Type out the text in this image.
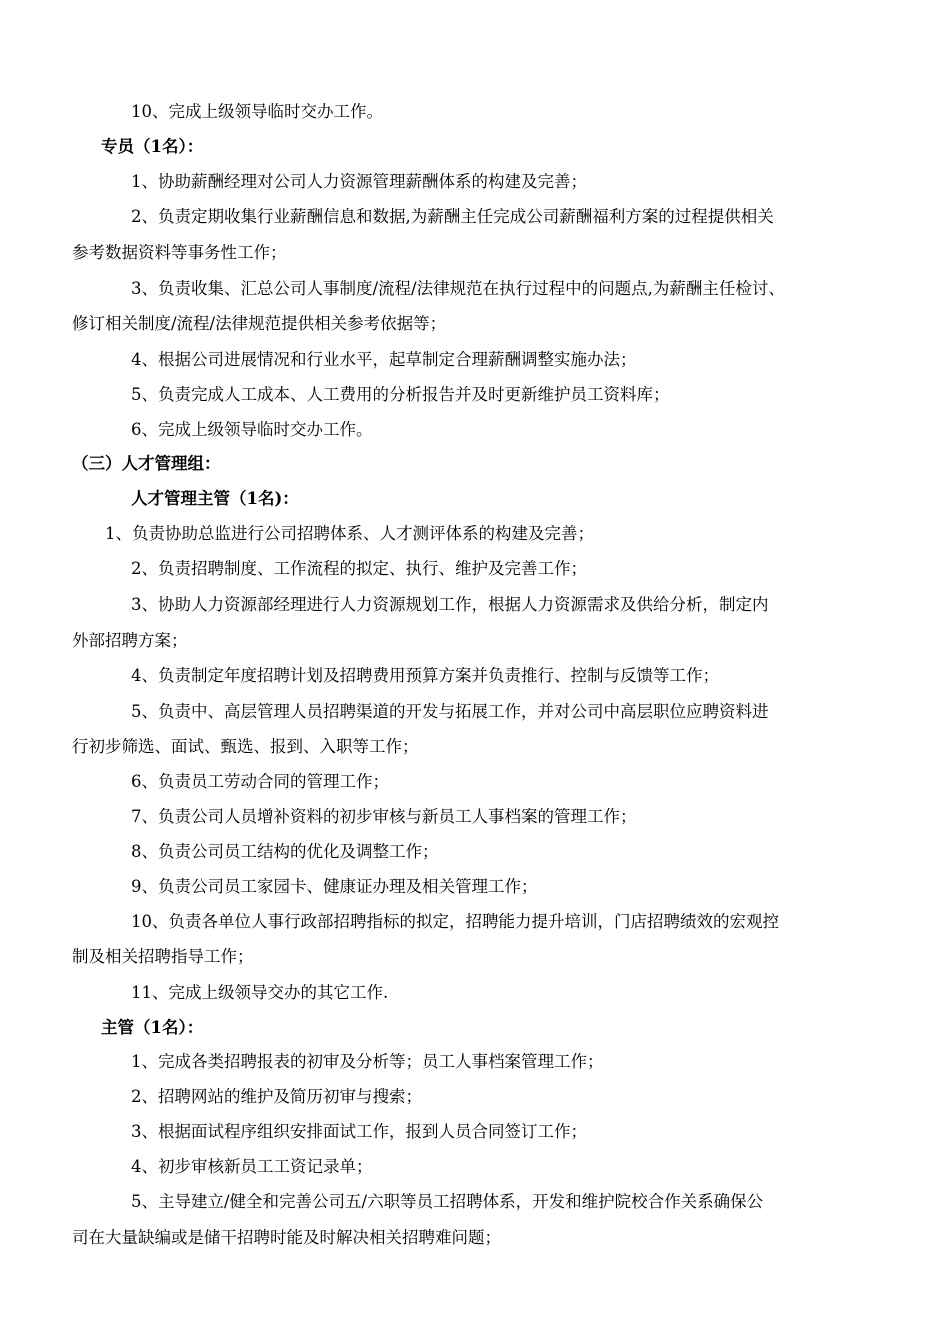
10、完成上级领导临时交办工作。
专员（1名）：
1、协助薪酬经理对公司人力资源管理薪酬体系的构建及完善；
2、负责定期收集行业薪酬信息和数据,为薪酬主任完成公司薪酬福利方案的过程提供相关
参考数据资料等事务性工作；
3、负责收集、汇总公司人事制度/流程/法律规范在执行过程中的问题点,为薪酬主任检讨、
修订相关制度/流程/法律规范提供相关参考依据等；
4、根据公司进展情况和行业水平，起草制定合理薪酬调整实施办法；
5、负责完成人工成本、人工费用的分析报告并及时更新维护员工资料库；
6、完成上级领导临时交办工作。
（三）人才管理组：
人才管理主管（1名)：
1、负责协助总监进行公司招聘体系、人才测评体系的构建及完善；
2、负责招聘制度、工作流程的拟定、执行、维护及完善工作；
3、协助人力资源部经理进行人力资源规划工作，根据人力资源需求及供给分析，制定内
外部招聘方案；
4、负责制定年度招聘计划及招聘费用预算方案并负责推行、控制与反馈等工作；
5、负责中、高层管理人员招聘渠道的开发与拓展工作，并对公司中高层职位应聘资料进
行初步筛选、面试、甄选、报到、入职等工作；
6、负责员工劳动合同的管理工作；
7、负责公司人员增补资料的初步审核与新员工人事档案的管理工作；
8、负责公司员工结构的优化及调整工作；
9、负责公司员工家园卡、健康证办理及相关管理工作；
10、负责各单位人事行政部招聘指标的拟定，招聘能力提升培训，门店招聘绩效的宏观控
制及相关招聘指导工作；
11、完成上级领导交办的其它工作.
主管（1名）：
1、完成各类招聘报表的初审及分析等；员工人事档案管理工作；
2、招聘网站的维护及简历初审与搜索；
3、根据面试程序组织安排面试工作，报到人员合同签订工作；
4、初步审核新员工工资记录单；
5、主导建立/健全和完善公司五/六职等员工招聘体系，开发和维护院校合作关系确保公
司在大量缺编或是储干招聘时能及时解决相关招聘难问题；
